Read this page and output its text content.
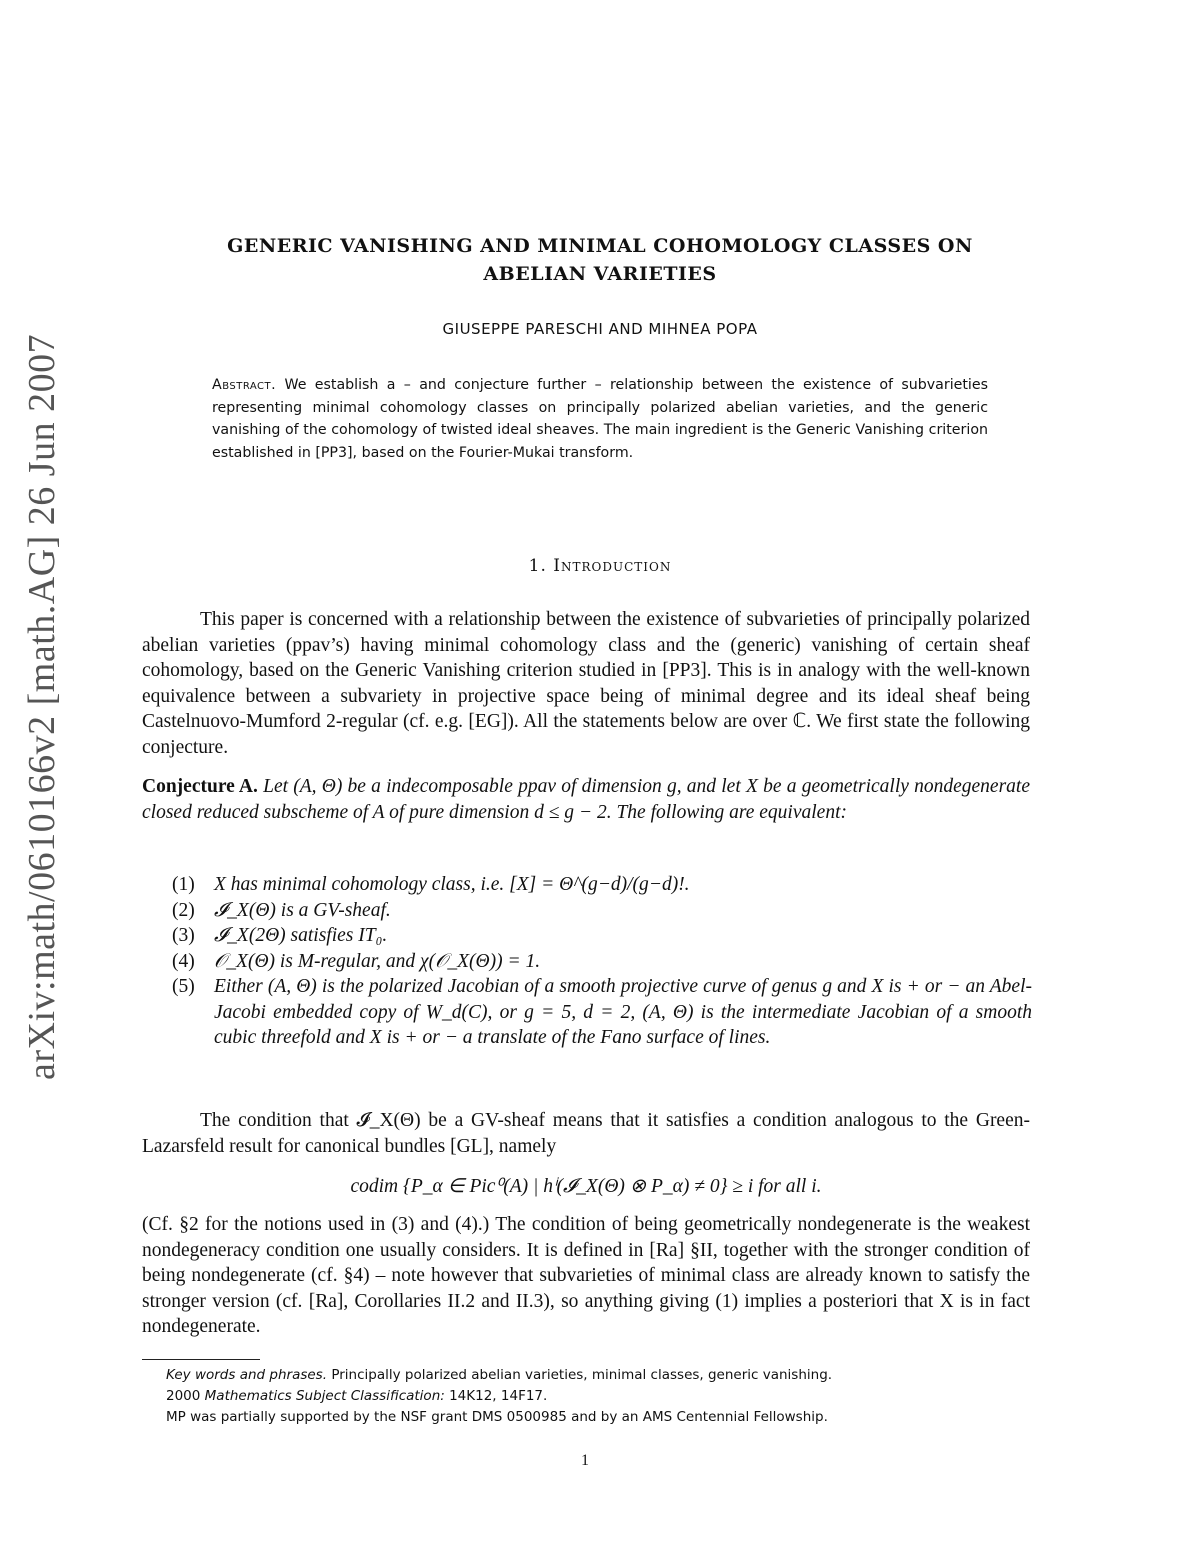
arXiv:math/0610166v2 [math.AG] 26 Jun 2007
GENERIC VANISHING AND MINIMAL COHOMOLOGY CLASSES ON
ABELIAN VARIETIES
GIUSEPPE PARESCHI AND MIHNEA POPA
Abstract. We establish a – and conjecture further – relationship between the existence of subvarieties representing minimal cohomology classes on principally polarized abelian varieties, and the generic vanishing of the cohomology of twisted ideal sheaves. The main ingredient is the Generic Vanishing criterion established in [PP3], based on the Fourier-Mukai transform.
1. Introduction
This paper is concerned with a relationship between the existence of subvarieties of principally polarized abelian varieties (ppav’s) having minimal cohomology class and the (generic) vanishing of certain sheaf cohomology, based on the Generic Vanishing criterion studied in [PP3]. This is in analogy with the well-known equivalence between a subvariety in projective space being of minimal degree and its ideal sheaf being Castelnuovo-Mumford 2-regular (cf. e.g. [EG]). All the statements below are over ℂ. We first state the following conjecture.
Conjecture A. Let (A, Θ) be a indecomposable ppav of dimension g, and let X be a geometrically nondegenerate closed reduced subscheme of A of pure dimension d ≤ g − 2. The following are equivalent:
(1) X has minimal cohomology class, i.e. [X] = Θ^(g−d)/(g−d)!.
(2) 𝓘_X(Θ) is a GV-sheaf.
(3) 𝓘_X(2Θ) satisfies IT₀.
(4) 𝒪_X(Θ) is M-regular, and χ(𝒪_X(Θ)) = 1.
(5) Either (A, Θ) is the polarized Jacobian of a smooth projective curve of genus g and X is + or − an Abel-Jacobi embedded copy of W_d(C), or g = 5, d = 2, (A, Θ) is the intermediate Jacobian of a smooth cubic threefold and X is + or − a translate of the Fano surface of lines.
The condition that 𝓘_X(Θ) be a GV-sheaf means that it satisfies a condition analogous to the Green-Lazarsfeld result for canonical bundles [GL], namely
codim {P_α ∈ Pic⁰(A) | hⁱ(𝓘_X(Θ) ⊗ P_α) ≠ 0} ≥ i for all i.
(Cf. §2 for the notions used in (3) and (4).) The condition of being geometrically nondegenerate is the weakest nondegeneracy condition one usually considers. It is defined in [Ra] §II, together with the stronger condition of being nondegenerate (cf. §4) – note however that subvarieties of minimal class are already known to satisfy the stronger version (cf. [Ra], Corollaries II.2 and II.3), so anything giving (1) implies a posteriori that X is in fact nondegenerate.
Key words and phrases. Principally polarized abelian varieties, minimal classes, generic vanishing.
2000 Mathematics Subject Classification: 14K12, 14F17.
MP was partially supported by the NSF grant DMS 0500985 and by an AMS Centennial Fellowship.
1
